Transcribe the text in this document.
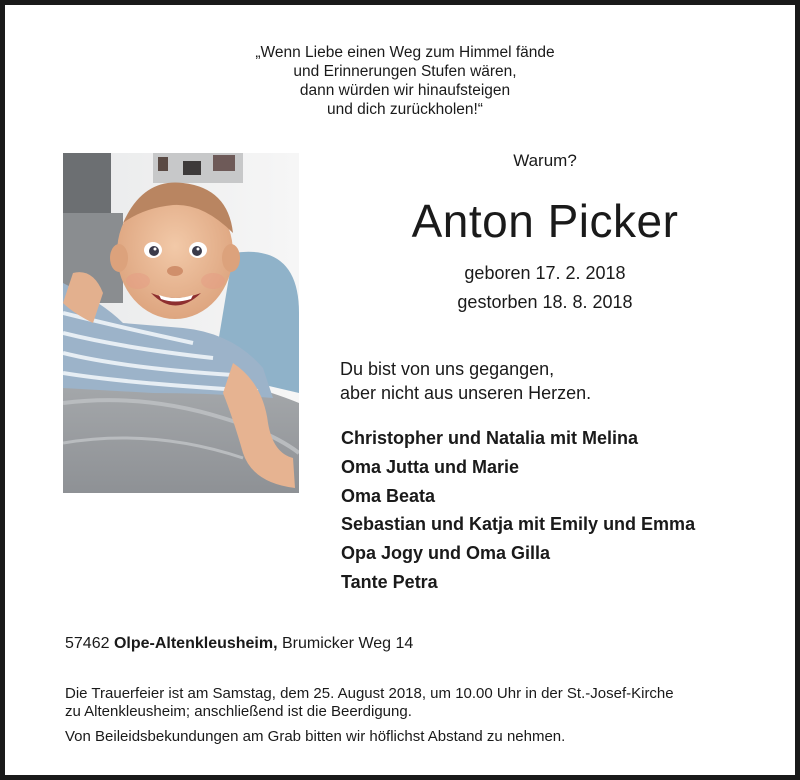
„Wenn Liebe einen Weg zum Himmel fände
und Erinnerungen Stufen wären,
dann würden wir hinaufsteigen
und dich zurückholen!“
Warum?
Anton Picker
geboren 17. 2. 2018
gestorben 18. 8. 2018
Du bist von uns gegangen,
aber nicht aus unseren Herzen.
Christopher und Natalia mit Melina
Oma Jutta und Marie
Oma Beata
Sebastian und Katja mit Emily und Emma
Opa Jogy und Oma Gilla
Tante Petra
57462 Olpe-Altenkleusheim, Brumicker Weg 14
Die Trauerfeier ist am Samstag, dem 25. August 2018, um 10.00 Uhr in der St.-Josef-Kirche
zu Altenkleusheim; anschließend ist die Beerdigung.
Von Beileidsbekundungen am Grab bitten wir höflichst Abstand zu nehmen.
